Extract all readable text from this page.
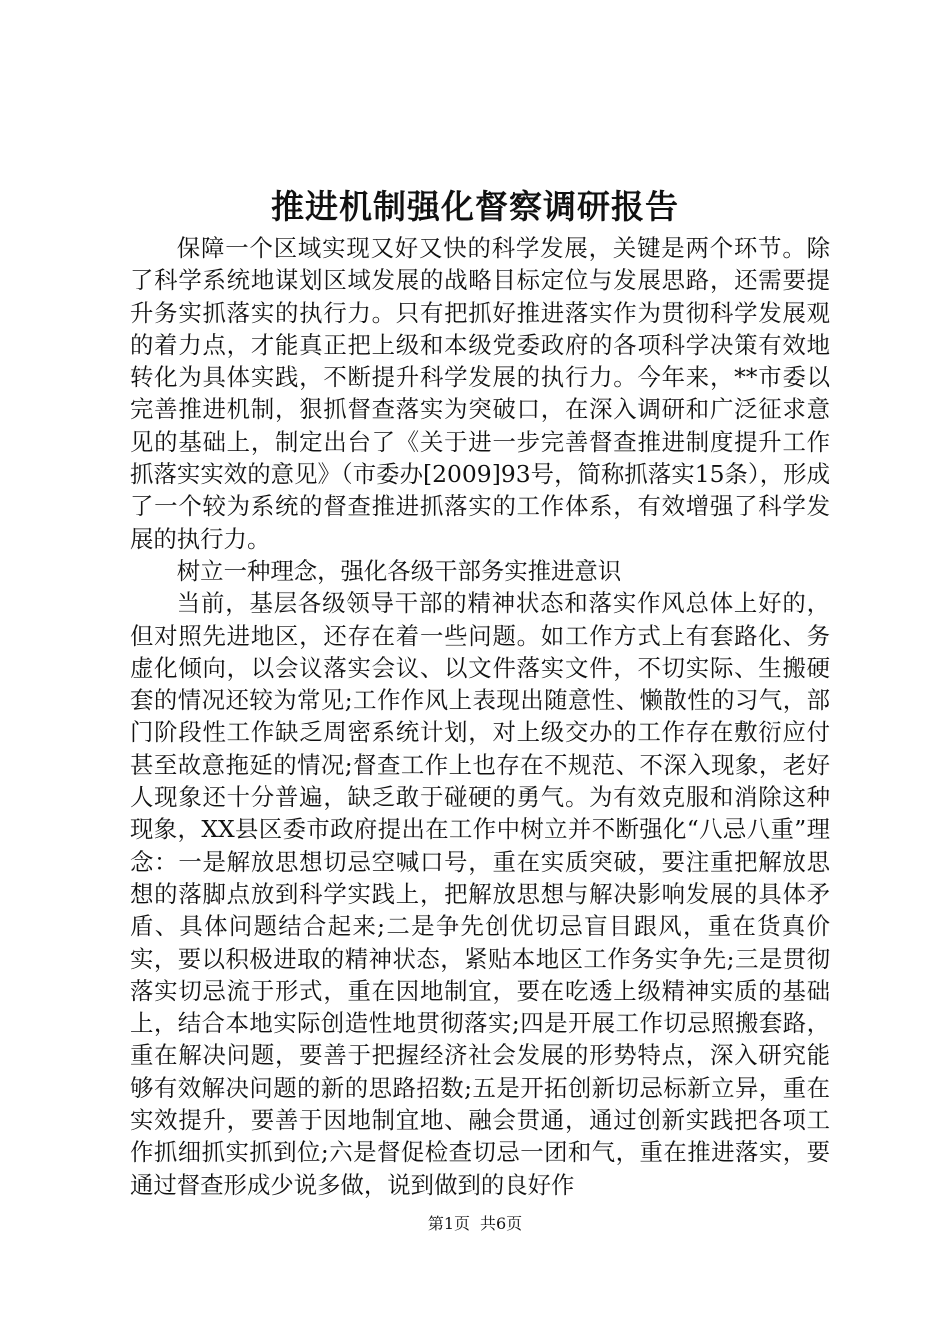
推进机制强化督察调研报告

保障一个区域实现又好又快的科学发展，关键是两个环节。除了科学系统地谋划区域发展的战略目标定位与发展思路，还需要提升务实抓落实的执行力。只有把抓好推进落实作为贯彻科学发展观的着力点，才能真正把上级和本级党委政府的各项科学决策有效地转化为具体实践，不断提升科学发展的执行力。今年来，**市委以完善推进机制，狠抓督查落实为突破口，在深入调研和广泛征求意见的基础上，制定出台了《关于进一步完善督查推进制度提升工作抓落实实效的意见》（市委办[2009]93号，简称抓落实15条），形成了一个较为系统的督查推进抓落实的工作体系，有效增强了科学发展的执行力。

树立一种理念，强化各级干部务实推进意识

当前，基层各级领导干部的精神状态和落实作风总体上好的，但对照先进地区，还存在着一些问题。如工作方式上有套路化、务虚化倾向，以会议落实会议、以文件落实文件，不切实际、生搬硬套的情况还较为常见;工作作风上表现出随意性、懒散性的习气，部门阶段性工作缺乏周密系统计划，对上级交办的工作存在敷衍应付甚至故意拖延的情况;督查工作上也存在不规范、不深入现象，老好人现象还十分普遍，缺乏敢于碰硬的勇气。为有效克服和消除这种现象，XX县区委市政府提出在工作中树立并不断强化“八忌八重”理念：一是解放思想切忌空喊口号，重在实质突破，要注重把解放思想的落脚点放到科学实践上，把解放思想与解决影响发展的具体矛盾、具体问题结合起来;二是争先创优切忌盲目跟风，重在货真价实，要以积极进取的精神状态，紧贴本地区工作务实争先;三是贯彻落实切忌流于形式，重在因地制宜，要在吃透上级精神实质的基础上，结合本地实际创造性地贯彻落实;四是开展工作切忌照搬套路，重在解决问题，要善于把握经济社会发展的形势特点，深入研究能够有效解决问题的新的思路招数;五是开拓创新切忌标新立异，重在实效提升，要善于因地制宜地、融会贯通，通过创新实践把各项工作抓细抓实抓到位;六是督促检查切忌一团和气，重在推进落实，要通过督查形成少说多做，说到做到的良好作

第1页 共6页
